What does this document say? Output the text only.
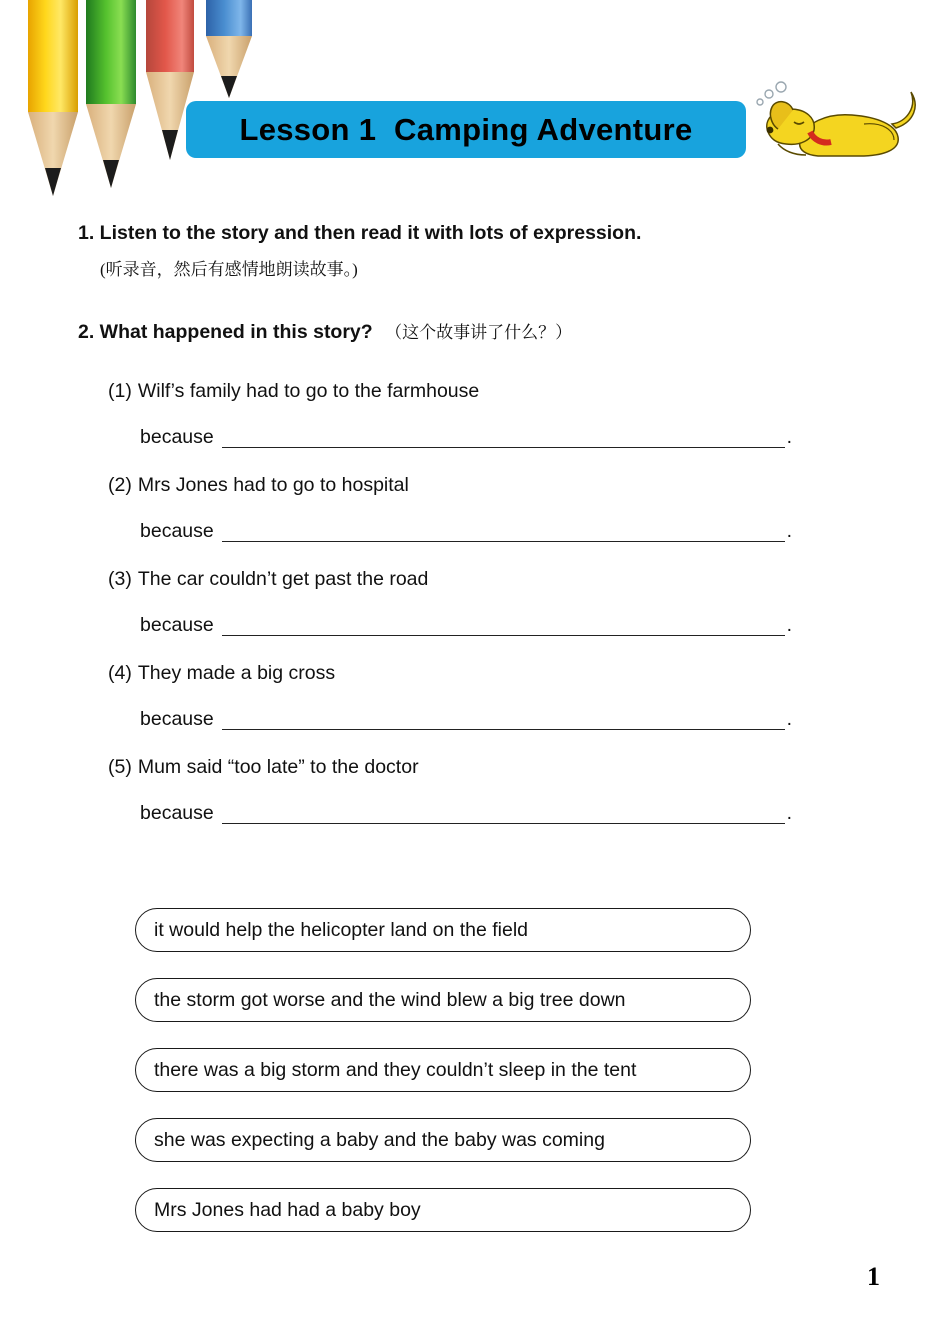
Lesson 1  Camping Adventure
1. Listen to the story and then read it with lots of expression.
(听录音，然后有感情地朗读故事。)
2. What happened in this story? （这个故事讲了什么？）
(1) Wilf’s family had to go to the farmhouse
because	.
(2) Mrs Jones had to go to hospital
because	.
(3) The car couldn’t get past the road
because	.
(4) They made a big cross
because	.
(5) Mum said “too late” to the doctor
because	.
it would help the helicopter land on the field
the storm got worse and the wind blew a big tree down
there was a big storm and they couldn’t sleep in the tent
she was expecting a baby and the baby was coming
Mrs Jones had had a baby boy
1
